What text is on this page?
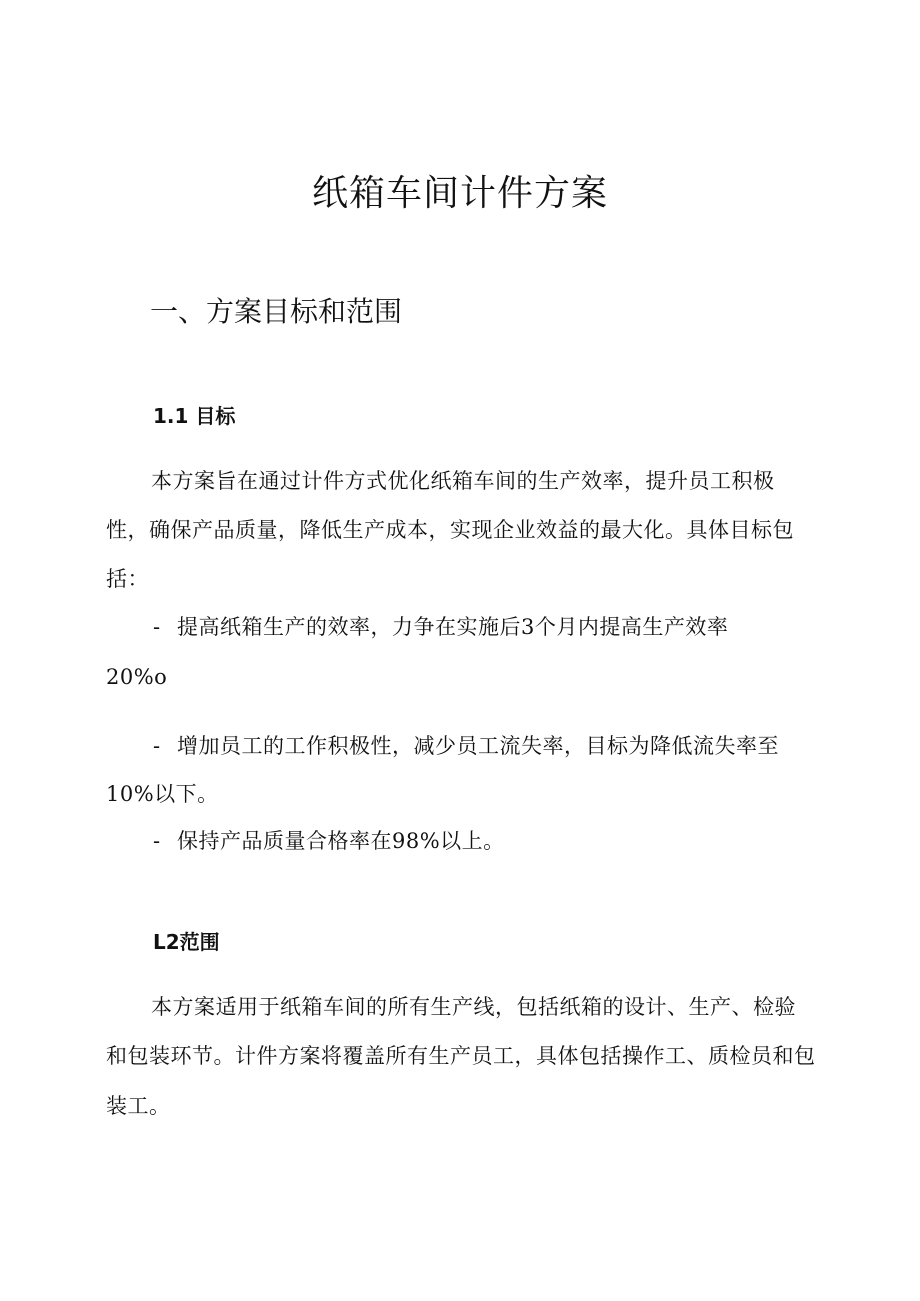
纸箱车间计件方案
一、方案目标和范围
1.1 目标

本方案旨在通过计件方式优化纸箱车间的生产效率，提升员工积极

性，确保产品质量，降低生产成本，实现企业效益的最大化。具体目标包

括：

- 提高纸箱生产的效率，力争在实施后3个月内提高生产效率

20%o

- 增加员工的工作积极性，减少员工流失率，目标为降低流失率至

10%以下。

- 保持产品质量合格率在98%以上。

L2范围

本方案适用于纸箱车间的所有生产线，包括纸箱的设计、生产、检验

和包装环节。计件方案将覆盖所有生产员工，具体包括操作工、质检员和包

装工。
